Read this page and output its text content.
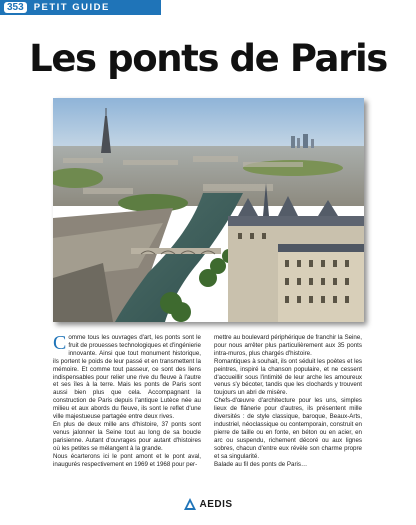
353	PETIT GUIDE
Les ponts de Paris

Comme tous les ouvrages d'art, les ponts sont le fruit de prouesses technologiques et d'ingénierie innovante. Ainsi que tout monument historique, ils portent le poids de leur passé et en transmettent la mémoire. Et comme tout passeur, ce sont des liens indispensables pour relier une rive du fleuve à l'autre et ses îles à la terre. Mais les ponts de Paris sont aussi bien plus que cela. Accompagnant la construction de Paris depuis l'antique Lutèce née au milieu et aux abords du fleuve, ils sont le reflet d'une ville majestueuse partagée entre deux rives.

En plus de deux mille ans d'histoire, 37 ponts sont venus jalonner la Seine tout au long de sa boucle parisienne. Autant d'ouvrages pour autant d'histoires où les petites se mélangent à la grande.

Nous écarterons ici le pont amont et le pont aval, inaugurés respectivement en 1969 et 1968 pour per-

mettre au boulevard périphérique de franchir la Seine, pour nous arrêter plus particulièrement aux 35 ponts intra-muros, plus chargés d'histoire.

Romantiques à souhait, ils ont séduit les poètes et les peintres, inspiré la chanson populaire, et ne cessent d'accueillir sous l'intimité de leur arche les amoureux venus s'y bécoter, tandis que les clochards y trouvent toujours un abri de misère.

Chefs-d'œuvre d'architecture pour les uns, simples lieux de flânerie pour d'autres, ils présentent mille diversités : de style classique, baroque, Beaux-Arts, industriel, néoclassique ou contemporain, construit en pierre de taille ou en fonte, en béton ou en acier, en arc ou suspendu, richement décoré ou aux lignes sobres, chacun d'entre eux révèle son charme propre et sa singularité.

Balade au fil des ponts de Paris…

AEDIS
